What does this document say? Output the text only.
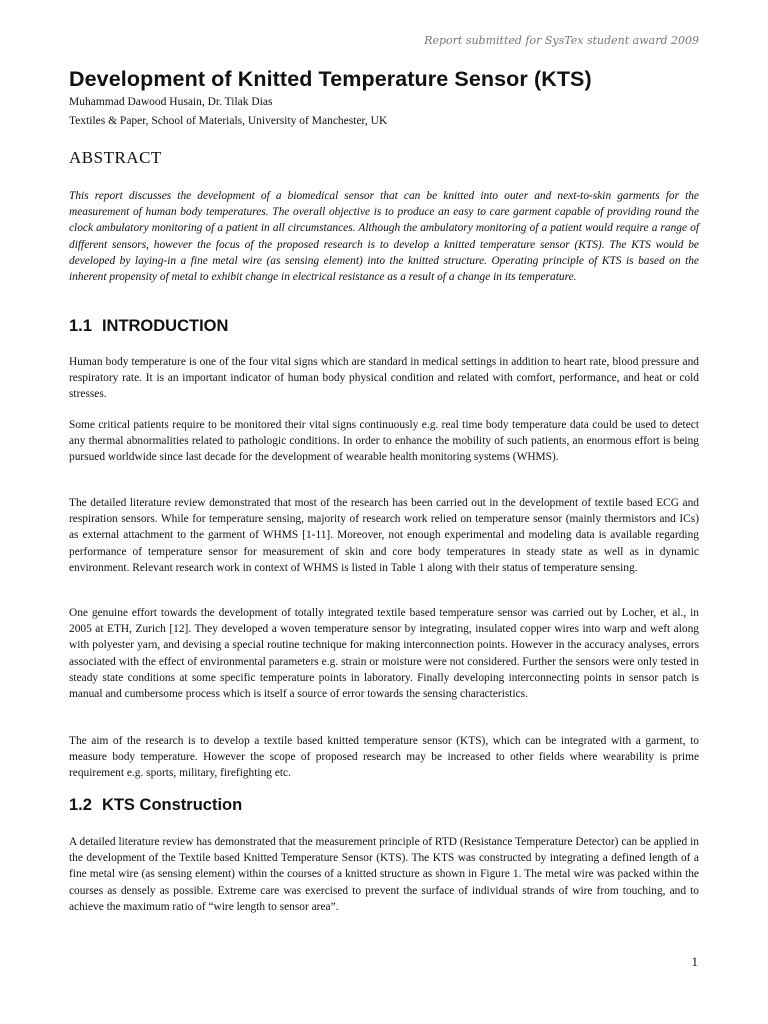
Report submitted for SysTex student award 2009
Development of Knitted Temperature Sensor (KTS)

Muhammad Dawood Husain, Dr. Tilak Dias

Textiles & Paper, School of Materials, University of Manchester, UK

ABSTRACT

This report discusses the development of a biomedical sensor that can be knitted into outer and next-to-skin garments for the measurement of human body temperatures. The overall objective is to produce an easy to care garment capable of providing round the clock ambulatory monitoring of a patient in all circumstances. Although the ambulatory monitoring of a patient would require a range of different sensors, however the focus of the proposed research is to develop a knitted temperature sensor (KTS). The KTS would be developed by laying-in a fine metal wire (as sensing element) into the knitted structure. Operating principle of KTS is based on the inherent propensity of metal to exhibit change in electrical resistance as a result of a change in its temperature.

1.1 INTRODUCTION

Human body temperature is one of the four vital signs which are standard in medical settings in addition to heart rate, blood pressure and respiratory rate. It is an important indicator of human body physical condition and related with comfort, performance, and heat or cold stresses.

Some critical patients require to be monitored their vital signs continuously e.g. real time body temperature data could be used to detect any thermal abnormalities related to pathologic conditions. In order to enhance the mobility of such patients, an enormous effort is being pursued worldwide since last decade for the development of wearable health monitoring systems (WHMS).

The detailed literature review demonstrated that most of the research has been carried out in the development of textile based ECG and respiration sensors. While for temperature sensing, majority of research work relied on temperature sensor (mainly thermistors and ICs) as external attachment to the garment of WHMS [1-11]. Moreover, not enough experimental and modeling data is available regarding performance of temperature sensor for measurement of skin and core body temperatures in steady state as well as in dynamic environment. Relevant research work in context of WHMS is listed in Table 1 along with their status of temperature sensing.

One genuine effort towards the development of totally integrated textile based temperature sensor was carried out by Locher, et al., in 2005 at ETH, Zurich [12]. They developed a woven temperature sensor by integrating, insulated copper wires into warp and weft along with polyester yarn, and devising a special routine technique for making interconnection points. However in the accuracy analyses, errors associated with the effect of environmental parameters e.g. strain or moisture were not considered. Further the sensors were only tested in steady state conditions at some specific temperature points in laboratory. Finally developing interconnecting points in sensor patch is manual and cumbersome process which is itself a source of error towards the sensing characteristics.

The aim of the research is to develop a textile based knitted temperature sensor (KTS), which can be integrated with a garment, to measure body temperature. However the scope of proposed research may be increased to other fields where wearability is prime requirement e.g. sports, military, firefighting etc.

1.2 KTS Construction

A detailed literature review has demonstrated that the measurement principle of RTD (Resistance Temperature Detector) can be applied in the development of the Textile based Knitted Temperature Sensor (KTS). The KTS was constructed by integrating a defined length of a fine metal wire (as sensing element) within the courses of a knitted structure as shown in Figure 1. The metal wire was packed within the courses as densely as possible. Extreme care was exercised to prevent the surface of individual strands of wire from touching, and to achieve the maximum ratio of “wire length to sensor area”.

1
